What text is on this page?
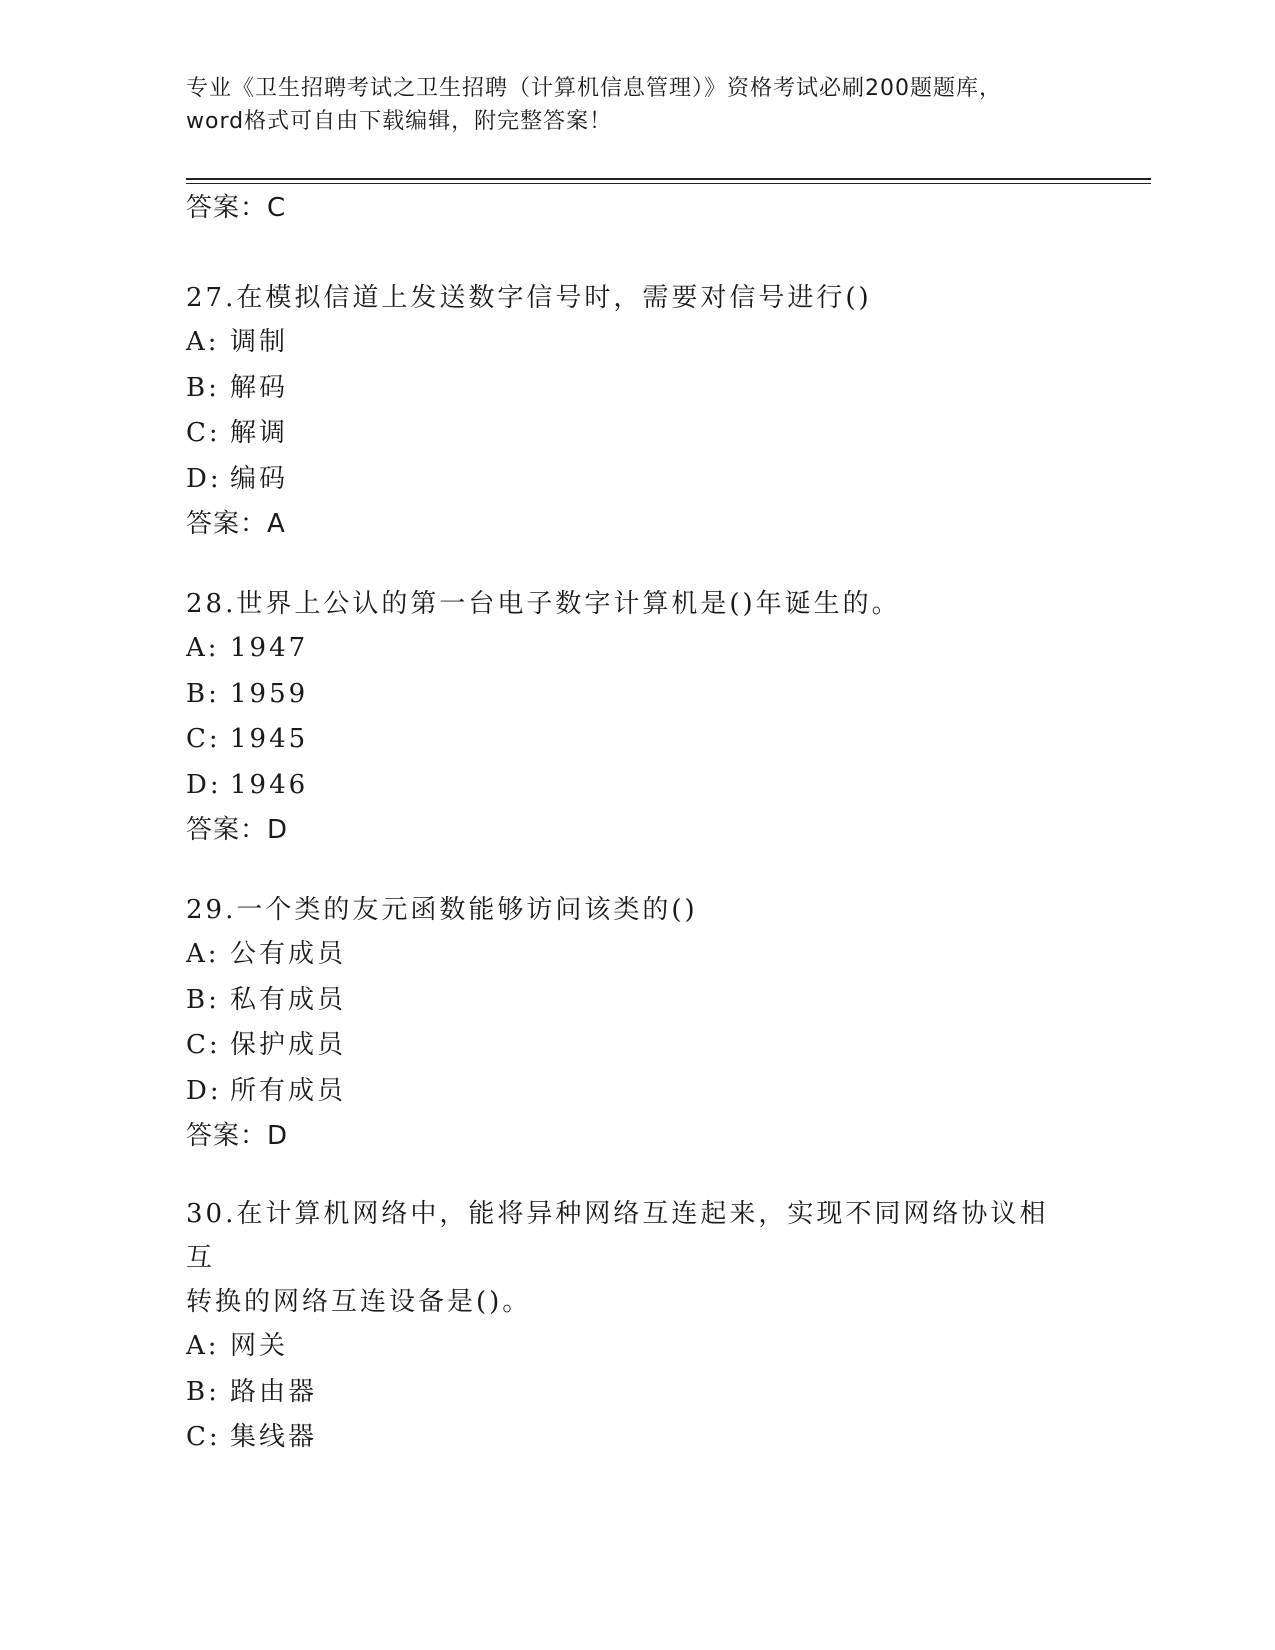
专业《卫生招聘考试之卫生招聘（计算机信息管理）》资格考试必刷200题题库，
word格式可自由下载编辑，附完整答案！
答案：C
27.在模拟信道上发送数字信号时，需要对信号进行()
A: 调制
B: 解码
C: 解调
D: 编码
答案：A
28.世界上公认的第一台电子数字计算机是()年诞生的。
A: 1947
B: 1959
C: 1945
D: 1946
答案：D
29.一个类的友元函数能够访问该类的()
A: 公有成员
B: 私有成员
C: 保护成员
D: 所有成员
答案：D
30.在计算机网络中，能将异种网络互连起来，实现不同网络协议相互
转换的网络互连设备是()。
A: 网关
B: 路由器
C: 集线器
